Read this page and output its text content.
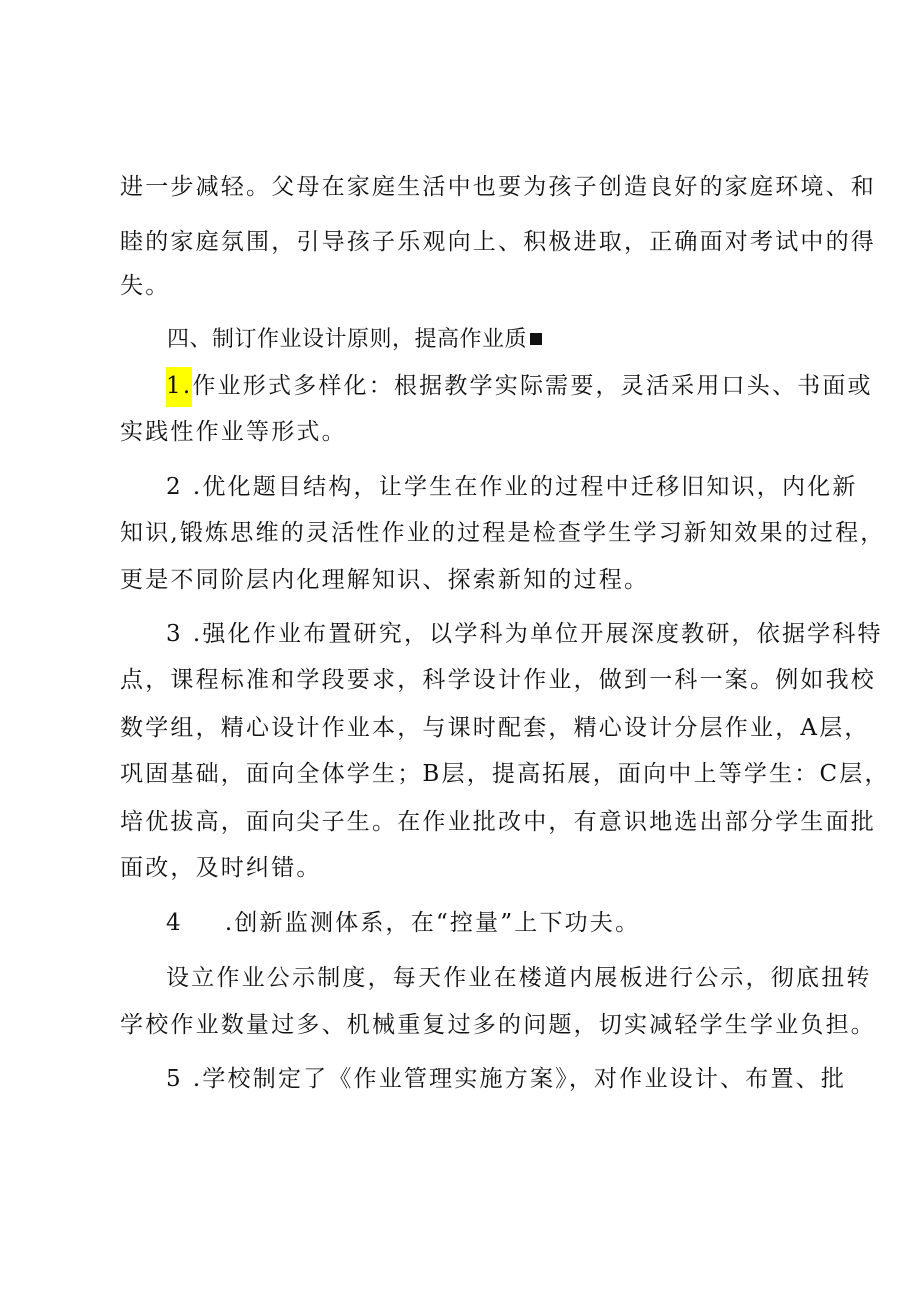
进一步减轻。父母在家庭生活中也要为孩子创造良好的家庭环境、和
睦的家庭氛围，引导孩子乐观向上、积极进取，正确面对考试中的得
失。
四、制订作业设计原则，提高作业质
1.作业形式多样化：根据教学实际需要，灵活采用口头、书面或
实践性作业等形式。
2 .优化题目结构，让学生在作业的过程中迁移旧知识，内化新
知识,锻炼思维的灵活性作业的过程是检查学生学习新知效果的过程，
更是不同阶层内化理解知识、探索新知的过程。
3 .强化作业布置研究，以学科为单位开展深度教研，依据学科特
点，课程标准和学段要求，科学设计作业，做到一科一案。例如我校
数学组，精心设计作业本，与课时配套，精心设计分层作业，A层，
巩固基础，面向全体学生；B层，提高拓展，面向中上等学生：C层，
培优拔高，面向尖子生。在作业批改中，有意识地选出部分学生面批
面改，及时纠错。
4 .创新监测体系，在“控量”上下功夫。
设立作业公示制度，每天作业在楼道内展板进行公示，彻底扭转
学校作业数量过多、机械重复过多的问题，切实减轻学生学业负担。
5 .学校制定了《作业管理实施方案》，对作业设计、布置、批
